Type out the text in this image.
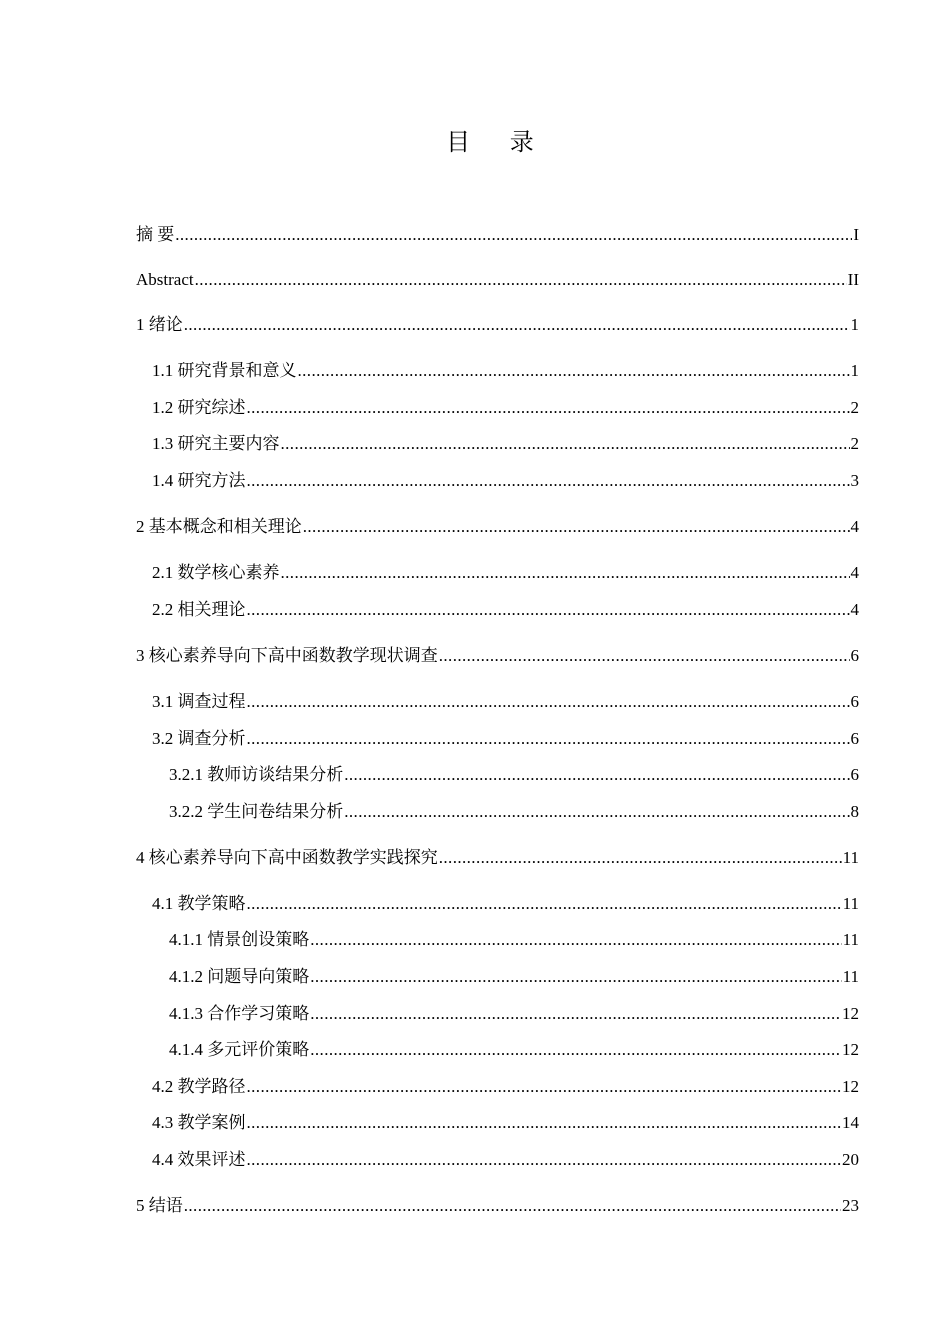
目 录
摘 要 .....	I
Abstract .....	II
1 绪论 .....	1
1.1 研究背景和意义 .....	1
1.2 研究综述 .....	2
1.3 研究主要内容 .....	2
1.4 研究方法 .....	3
2 基本概念和相关理论 .....	4
2.1 数学核心素养 .....	4
2.2 相关理论 .....	4
3 核心素养导向下高中函数教学现状调查 .....	6
3.1 调查过程 .....	6
3.2 调查分析 .....	6
3.2.1 教师访谈结果分析 .....	6
3.2.2 学生问卷结果分析 .....	8
4 核心素养导向下高中函数教学实践探究 .....	11
4.1 教学策略 .....	11
4.1.1 情景创设策略 .....	11
4.1.2 问题导向策略 .....	11
4.1.3 合作学习策略 .....	12
4.1.4 多元评价策略 .....	12
4.2 教学路径 .....	12
4.3 教学案例 .....	14
4.4 效果评述 .....	20
5 结语 .....	23
